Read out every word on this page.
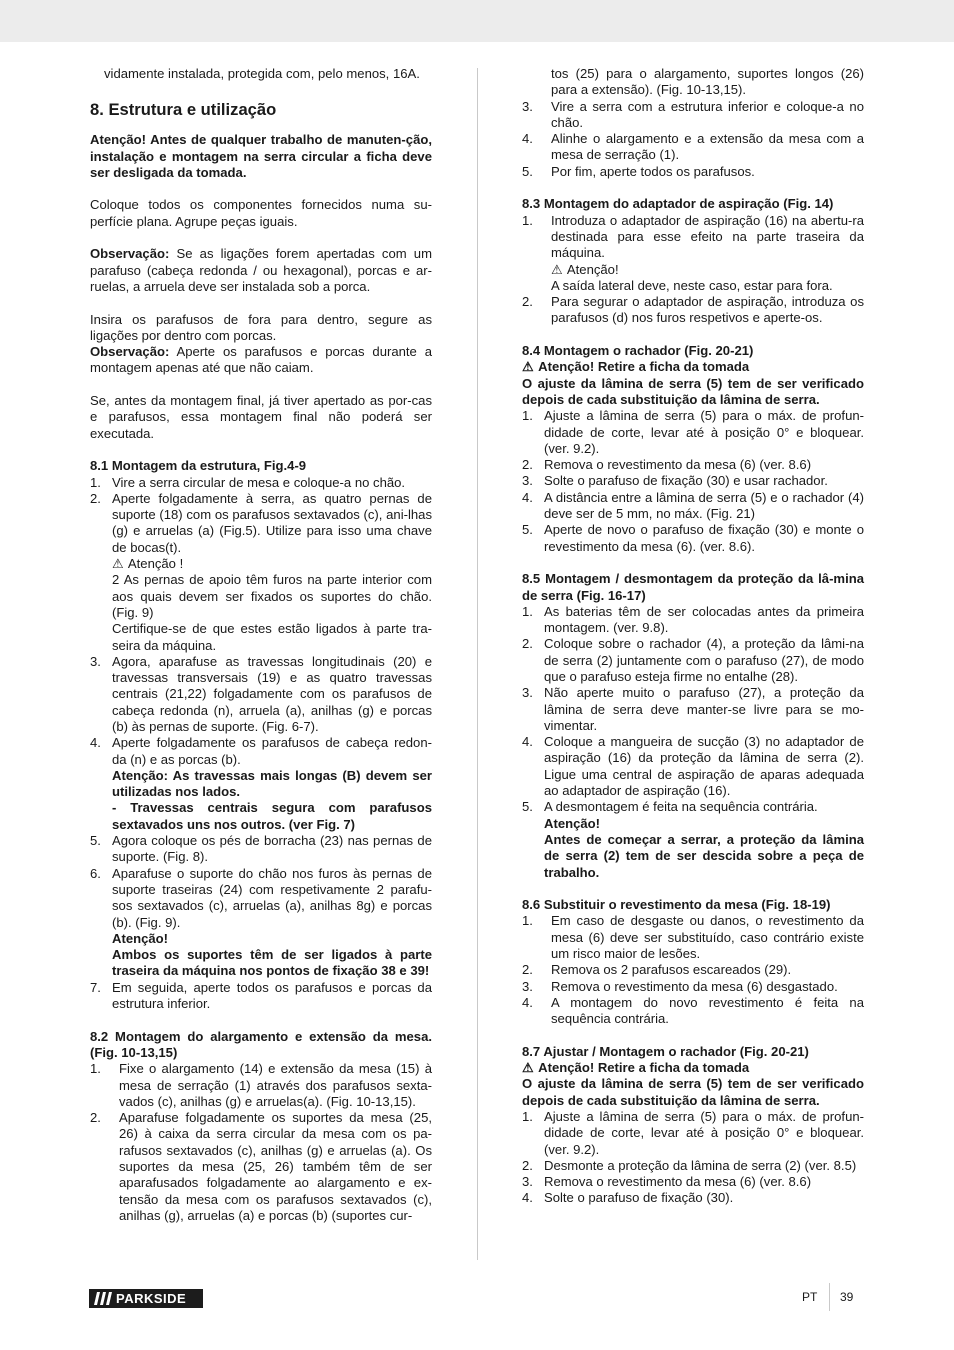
vidamente instalada, protegida com, pelo menos, 16A.

8. Estrutura e utilização

Atenção! Antes de qualquer trabalho de manuten-ção, instalação e montagem na serra circular a ficha deve ser desligada da tomada.

Coloque todos os componentes fornecidos numa su-perfície plana. Agrupe peças iguais.

Observação: Se as ligações forem apertadas com um parafuso (cabeça redonda / ou hexagonal), porcas e ar-ruelas, a arruela deve ser instalada sob a porca.

Insira os parafusos de fora para dentro, segure as ligações por dentro com porcas.

Observação: Aperte os parafusos e porcas durante a montagem apenas até que não caiam.

Se, antes da montagem final, já tiver apertado as por-cas e parafusos, essa montagem final não poderá ser executada.

8.1 Montagem da estrutura, Fig.4-9
1. Vire a serra circular de mesa e coloque-a no chão.
2. Aperte folgadamente à serra, as quatro pernas de suporte (18) com os parafusos sextavados (c), ani-lhas (g) e arruelas (a) (Fig.5). Utilize para isso uma chave de bocas(t).
⚠ Atenção !
2 As pernas de apoio têm furos na parte interior com aos quais devem ser fixados os suportes do chão. (Fig. 9)
Certifique-se de que estes estão ligados à parte tra-seira da máquina.
3. Agora, aparafuse as travessas longitudinais (20) e travessas transversais (19) e as quatro travessas centrais (21,22) folgadamente com os parafusos de cabeça redonda (n), arruela (a), anilhas (g) e porcas (b) às pernas de suporte. (Fig. 6-7).
4. Aperte folgadamente os parafusos de cabeça redon-da (n) e as porcas (b).
Atenção: As travessas mais longas (B) devem ser utilizadas nos lados.
- Travessas centrais segura com parafusos sextavados uns nos outros. (ver Fig. 7)
5. Agora coloque os pés de borracha (23) nas pernas de suporte. (Fig. 8).
6. Aparafuse o suporte do chão nos furos às pernas de suporte traseiras (24) com respetivamente 2 parafu-sos sextavados (c), arruelas (a), anilhas 8g) e porcas (b). (Fig. 9).
Atenção!
Ambos os suportes têm de ser ligados à parte traseira da máquina nos pontos de fixação 38 e 39!
7. Em seguida, aperte todos os parafusos e porcas da estrutura inferior.
8.2 Montagem do alargamento e extensão da mesa. (Fig. 10-13,15)
1. Fixe o alargamento (14) e extensão da mesa (15) à mesa de serração (1) através dos parafusos sexta-vados (c), anilhas (g) e arruelas(a). (Fig. 10-13,15).
2. Aparafuse folgadamente os suportes da mesa (25, 26) à caixa da serra circular da mesa com os pa-rafusos sextavados (c), anilhas (g) e arruelas (a). Os suportes da mesa (25, 26) também têm de ser aparafusados folgadamente ao alargamento e ex-tensão da mesa com os parafusos sextavados (c), anilhas (g), arruelas (a) e porcas (b) (suportes cur-

tos (25) para o alargamento, suportes longos (26) para a extensão). (Fig. 10-13,15).

3. Vire a serra com a estrutura inferior e coloque-a no chão.
4. Alinhe o alargamento e a extensão da mesa com a mesa de serração (1).
5. Por fim, aperte todos os parafusos.
8.3 Montagem do adaptador de aspiração (Fig. 14)
1. Introduza o adaptador de aspiração (16) na abertu-ra destinada para esse efeito na parte traseira da máquina.
⚠ Atenção!
A saída lateral deve, neste caso, estar para fora.
2. Para segurar o adaptador de aspiração, introduza os parafusos (d) nos furos respetivos e aperte-os.
8.4 Montagem o rachador (Fig. 20-21)
⚠ Atenção! Retire a ficha da tomada

O ajuste da lâmina de serra (5) tem de ser verificado depois de cada substituição da lâmina de serra.

1. Ajuste a lâmina de serra (5) para o máx. de profun-didade de corte, levar até à posição 0° e bloquear. (ver. 9.2).
2. Remova o revestimento da mesa (6) (ver. 8.6)
3. Solte o parafuso de fixação (30) e usar rachador.
4. A distância entre a lâmina de serra (5) e o rachador (4) deve ser de 5 mm, no máx. (Fig. 21)
5. Aperte de novo o parafuso de fixação (30) e monte o revestimento da mesa (6). (ver. 8.6).
8.5 Montagem / desmontagem da proteção da lâ-mina de serra (Fig. 16-17)
1. As baterias têm de ser colocadas antes da primeira montagem. (ver. 9.8).
2. Coloque sobre o rachador (4), a proteção da lâmi-na de serra (2) juntamente com o parafuso (27), de modo que o parafuso esteja firme no entalhe (28).
3. Não aperte muito o parafuso (27), a proteção da lâmina de serra deve manter-se livre para se mo-vimentar.
4. Coloque a mangueira de sucção (3) no adaptador de aspiração (16) da proteção da lâmina de serra (2). Ligue uma central de aspiração de aparas adequada ao adaptador de aspiração (16).
5. A desmontagem é feita na sequência contrária.
Atenção!
Antes de começar a serrar, a proteção da lâmina de serra (2) tem de ser descida sobre a peça de trabalho.
8.6 Substituir o revestimento da mesa (Fig. 18-19)
1. Em caso de desgaste ou danos, o revestimento da mesa (6) deve ser substituído, caso contrário existe um risco maior de lesões.
2. Remova os 2 parafusos escareados (29).
3. Remova o revestimento da mesa (6) desgastado.
4. A montagem do novo revestimento é feita na sequência contrária.
8.7 Ajustar / Montagem o rachador (Fig. 20-21)
⚠ Atenção! Retire a ficha da tomada

O ajuste da lâmina de serra (5) tem de ser verificado depois de cada substituição da lâmina de serra.

1. Ajuste a lâmina de serra (5) para o máx. de profun-didade de corte, levar até à posição 0° e bloquear. (ver. 9.2).
2. Desmonte a proteção da lâmina de serra (2) (ver. 8.5)
3. Remova o revestimento da mesa (6) (ver. 8.6)
4. Solte o parafuso de fixação (30).
PARKSIDE	PT 39
